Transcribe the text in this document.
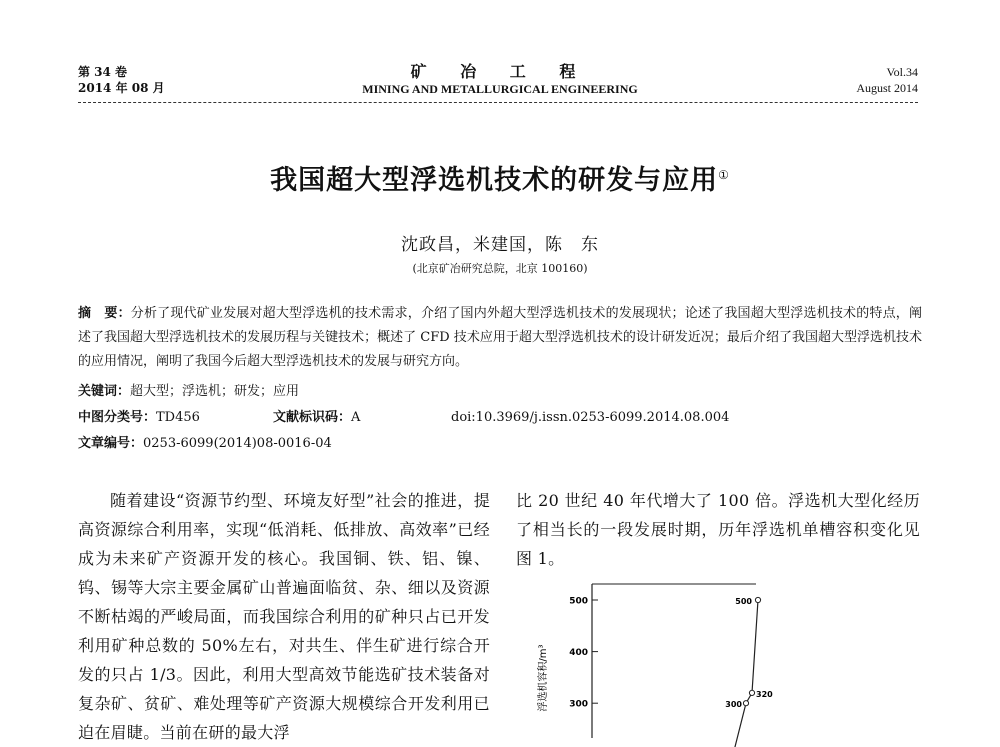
第 34 卷
2014 年 08 月
矿 冶 工 程
MINING AND METALLURGICAL ENGINEERING
Vol.34
August 2014
我国超大型浮选机技术的研发与应用①
沈政昌，米建国，陈　东
(北京矿冶研究总院，北京 100160)
摘　要：分析了现代矿业发展对超大型浮选机的技术需求，介绍了国内外超大型浮选机技术的发展现状；论述了我国超大型浮选机技术的特点，阐述了我国超大型浮选机技术的发展历程与关键技术；概述了 CFD 技术应用于超大型浮选机技术的设计研发近况；最后介绍了我国超大型浮选机技术的应用情况，阐明了我国今后超大型浮选机技术的发展与研究方向。
关键词：超大型；浮选机；研发；应用
中图分类号：TD456	文献标识码：A	doi:10.3969/j.issn.0253-6099.2014.08.004
文章编号：0253-6099(2014)08-0016-04
随着建设“资源节约型、环境友好型”社会的推进，提高资源综合利用率，实现“低消耗、低排放、高效率”已经成为未来矿产资源开发的核心。我国铜、铁、铝、镍、钨、锡等大宗主要金属矿山普遍面临贫、杂、细以及资源不断枯竭的严峻局面，而我国综合利用的矿种只占已开发利用矿种总数的 50%左右，对共生、伴生矿进行综合开发的只占 1/3。因此，利用大型高效节能选矿技术装备对复杂矿、贫矿、难处理等矿产资源大规模综合开发利用已迫在眉睫。当前在研的最大浮
比 20 世纪 40 年代增大了 100 倍。浮选机大型化经历了相当长的一段发展时期，历年浮选机单槽容积变化见图 1。
浮选机容积/m³ 300
400
500
300
320
500
